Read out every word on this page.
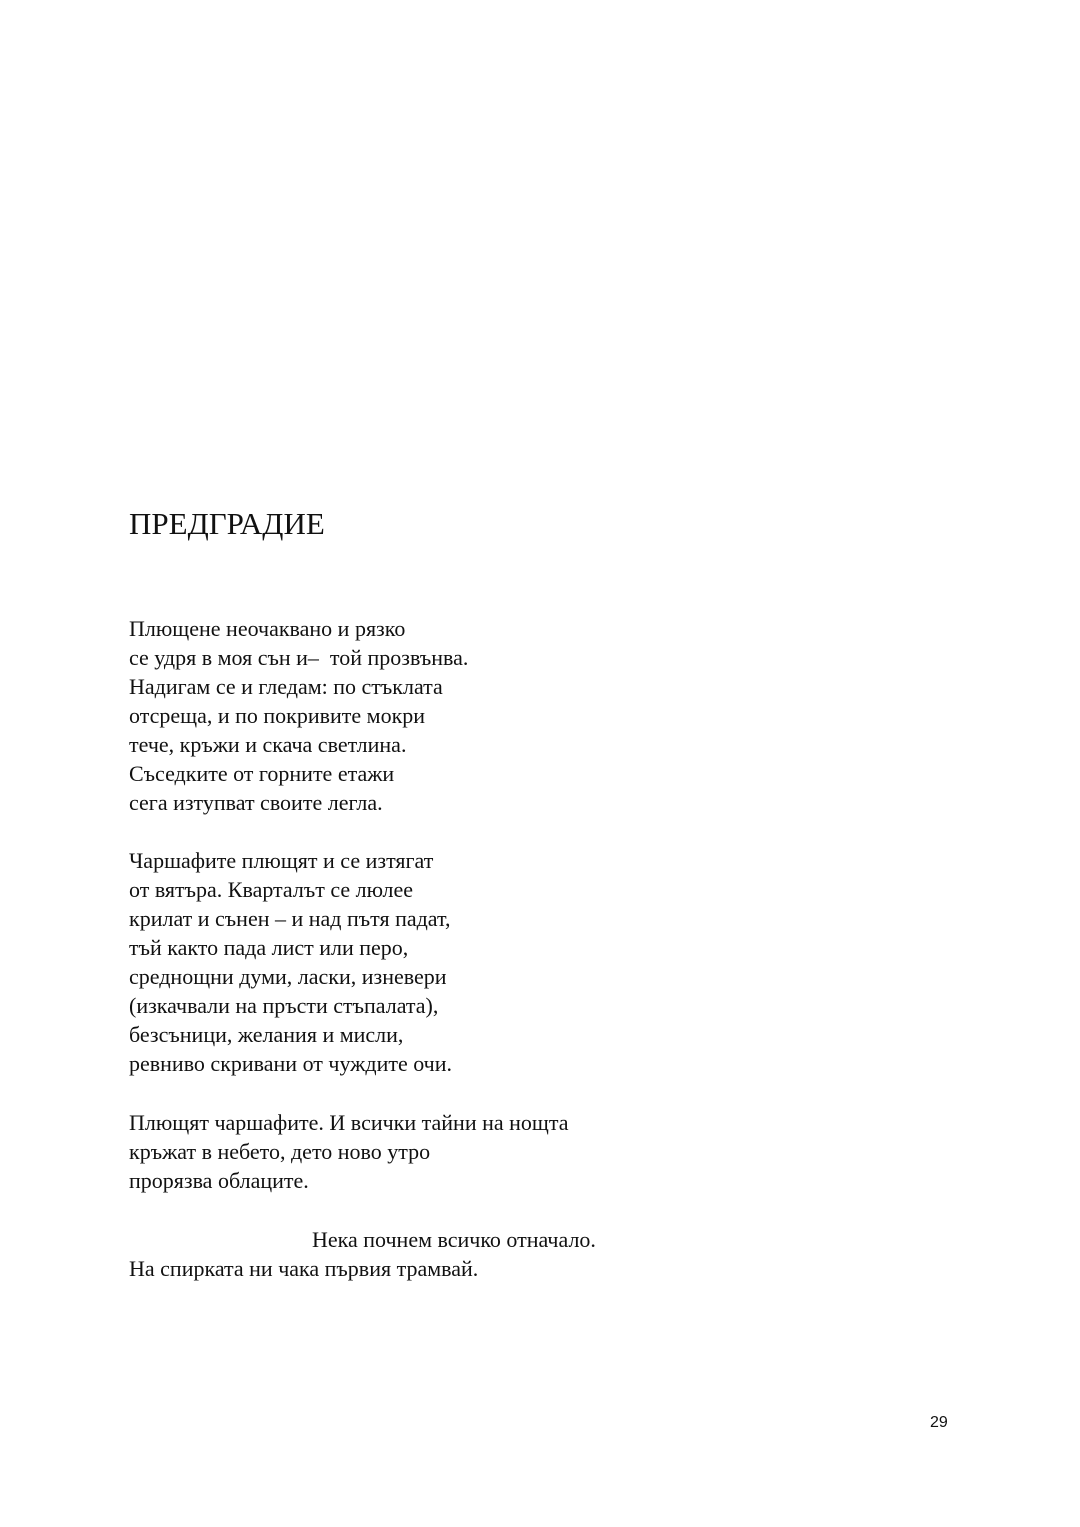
ПРЕДГРАДИЕ
Плющене неочаквано и рязко
се удря в моя сън и–  той прозвънва.
Надигам се и гледам: по стъклата
отсреща, и по покривите мокри
тече, кръжи и скача светлина.
Съседките от горните етажи
сега изтупват своите легла.
Чаршафите плющят и се изтягат
от вятъра. Кварталът се люлее
крилат и сънен – и над пътя падат,
тъй както пада лист или перо,
среднощни думи, ласки, изневери
(изкачвали на пръсти стъпалата),
безсъници, желания и мисли,
ревниво скривани от чуждите очи.
Плющят чаршафите. И всички тайни на нощта
кръжат в небето, дето ново утро
прорязва облаците.
Нека почнем всичко отначало.
На спирката ни чака първия трамвай.
29
